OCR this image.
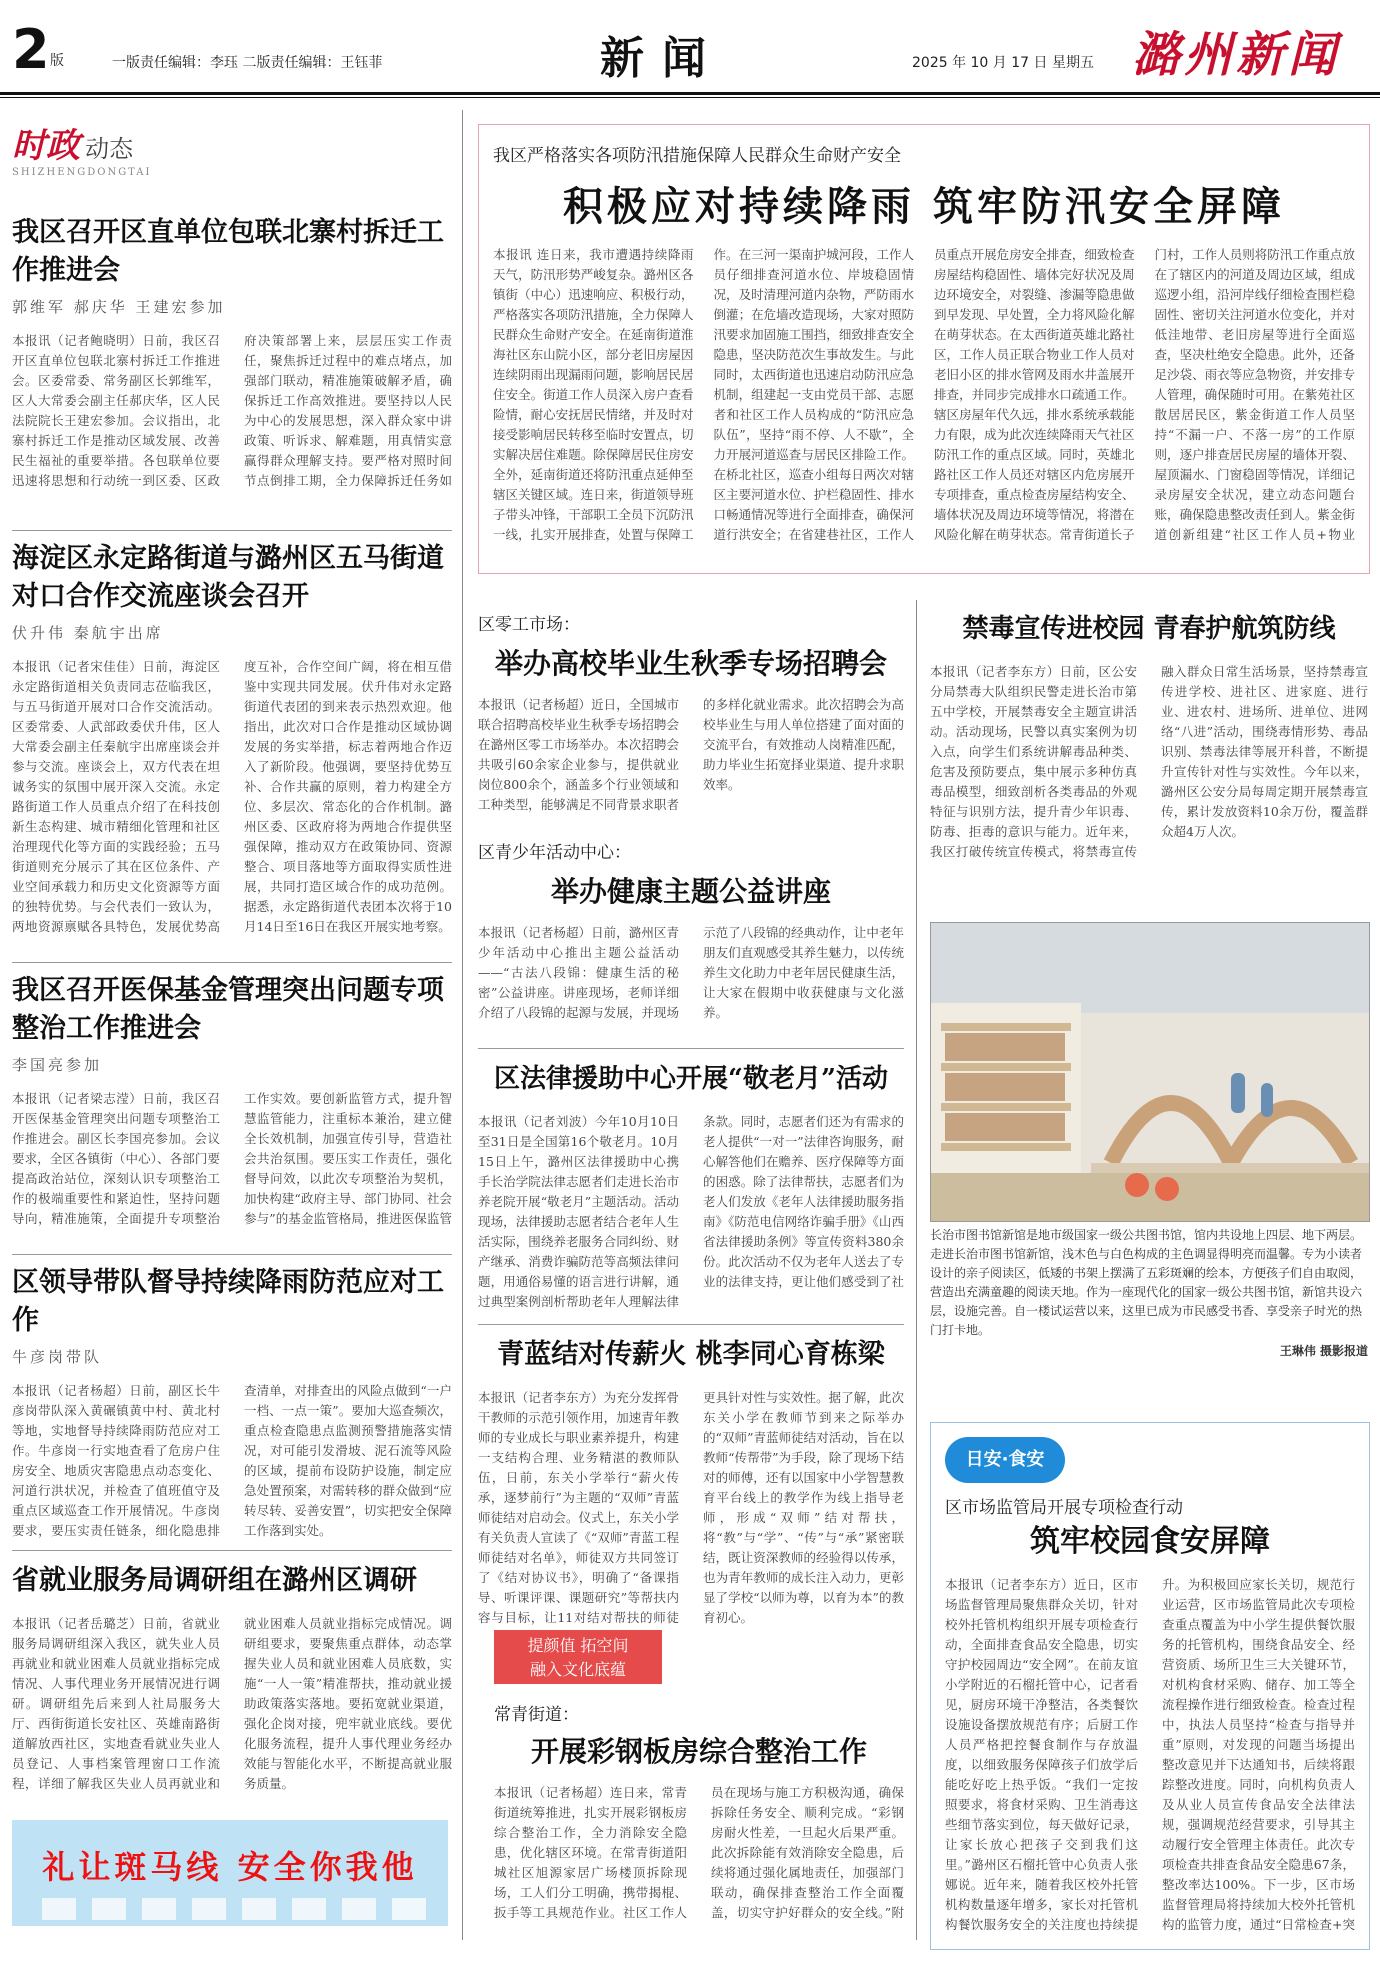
2 版	一版责任编辑：李珏 二版责任编辑：王钰菲	新闻	2025 年 10 月 17 日 星期五 潞州新闻
时政 动态
SHIZHENGDONGTAI
我区召开区直单位包联北寨村拆迁工作推进会
郭维军 郝庆华 王建宏参加
本报讯（记者鲍晓明）日前，我区召开区直单位包联北寨村拆迁工作推进会。区委常委、常务副区长郭维军，区人大常委会副主任郝庆华，区人民法院院长王建宏参加。会议指出，北寨村拆迁工作是推动区域发展、改善民生福祉的重要举措。各包联单位要迅速将思想和行动统一到区委、区政府决策部署上来，层层压实工作责任，聚焦拆迁过程中的难点堵点，加强部门联动，精准施策破解矛盾，确保拆迁工作高效推进。要坚持以人民为中心的发展思想，深入群众家中讲政策、听诉求、解难题，用真情实意赢得群众理解支持。要严格对照时间节点倒排工期，全力保障拆迁任务如
海淀区永定路街道与潞州区五马街道对口合作交流座谈会召开
伏升伟 秦航宇出席
本报讯（记者宋佳佳）日前，海淀区永定路街道相关负责同志莅临我区，与五马街道开展对口合作交流活动。区委常委、人武部政委伏升伟，区人大常委会副主任秦航宇出席座谈会并参与交流。座谈会上，双方代表在坦诚务实的氛围中展开深入交流。永定路街道工作人员重点介绍了在科技创新生态构建、城市精细化管理和社区治理现代化等方面的实践经验；五马街道则充分展示了其在区位条件、产业空间承载力和历史文化资源等方面的独特优势。与会代表们一致认为，两地资源禀赋各具特色，发展优势高度互补，合作空间广阔，将在相互借鉴中实现共同发展。伏升伟对永定路街道代表团的到来表示热烈欢迎。他指出，此次对口合作是推动区域协调发展的务实举措，标志着两地合作迈入了新阶段。他强调，要坚持优势互补、合作共赢的原则，着力构建全方位、多层次、常态化的合作机制。潞州区委、区政府将为两地合作提供坚强保障，推动双方在政策协同、资源整合、项目落地等方面取得实质性进展，共同打造区域合作的成功范例。据悉，永定路街道代表团本次将于10月14日至16日在我区开展实地考察。
我区召开医保基金管理突出问题专项整治工作推进会
李国亮参加
本报讯（记者梁志滢）日前，我区召开医保基金管理突出问题专项整治工作推进会。副区长李国亮参加。会议要求，全区各镇街（中心）、各部门要提高政治站位，深刻认识专项整治工作的极端重要性和紧迫性，坚持问题导向，精准施策，全面提升专项整治工作实效。要创新监管方式，提升智慧监管能力，注重标本兼治，建立健全长效机制，加强宣传引导，营造社会共治氛围。要压实工作责任，强化督导问效，以此次专项整治为契机，加快构建“政府主导、部门协同、社会参与”的基金监管格局，推进医保监管
区领导带队督导持续降雨防范应对工作
牛彦岗带队
本报讯（记者杨超）日前，副区长牛彦岗带队深入黄碾镇黄中村、黄北村等地，实地督导持续降雨防范应对工作。牛彦岗一行实地查看了危房户住房安全、地质灾害隐患点动态变化、河道行洪状况，并检查了值班值守及重点区域巡查工作开展情况。牛彦岗要求，要压实责任链条，细化隐患排查清单，对排查出的风险点做到“一户一档、一点一策”。要加大巡查频次，重点检查隐患点监测预警措施落实情况，对可能引发滑坡、泥石流等风险的区域，提前布设防护设施，制定应急处置预案，对需转移的群众做到“应转尽转、妥善安置”，切实把安全保障工作落到实处。
省就业服务局调研组在潞州区调研
本报讯（记者岳璐芝）日前，省就业服务局调研组深入我区，就失业人员再就业和就业困难人员就业指标完成情况、人事代理业务开展情况进行调研。调研组先后来到人社局服务大厅、西街街道长安社区、英雄南路街道解放西社区，实地查看就业失业人员登记、人事档案管理窗口工作流程，详细了解我区失业人员再就业和就业困难人员就业指标完成情况。调研组要求，要聚焦重点群体，动态掌握失业人员和就业困难人员底数，实施“一人一策”精准帮扶，推动就业援助政策落实落地。要拓宽就业渠道，强化企岗对接，兜牢就业底线。要优化服务流程，提升人事代理业务经办效能与智能化水平，不断提高就业服务质量。
礼让斑马线 安全你我他
我区严格落实各项防汛措施保障人民群众生命财产安全
积极应对持续降雨 筑牢防汛安全屏障
本报讯 连日来，我市遭遇持续降雨天气，防汛形势严峻复杂。潞州区各镇街（中心）迅速响应、积极行动，严格落实各项防汛措施，全力保障人民群众生命财产安全。在延南街道淮海社区东山院小区，部分老旧房屋因连续阴雨出现漏雨问题，影响居民居住安全。街道工作人员深入房户查看险情，耐心安抚居民情绪，并及时对接受影响居民转移至临时安置点，切实解决居住难题。除保障居民住房安全外，延南街道还将防汛重点延伸至辖区关键区域。连日来，街道领导班子带头冲锋，干部职工全员下沉防汛一线，扎实开展排查，处置与保障工作。在三河一渠南护城河段，工作人员仔细排查河道水位、岸坡稳固情况，及时清理河道内杂物，严防雨水倒灌；在危墙改造现场，大家对照防汛要求加固施工围挡，细致排查安全隐患，坚决防范次生事故发生。与此同时，太西街道也迅速启动防汛应急机制，组建起一支由党员干部、志愿者和社区工作人员构成的“防汛应急队伍”，坚持“雨不停、人不歇”，全力开展河道巡查与居民区排险工作。在桥北社区，巡查小组每日两次对辖区主要河道水位、护栏稳固性、排水口畅通情况等进行全面排查，确保河道行洪安全；在省建巷社区，工作人员重点开展危房安全排查，细致检查房屋结构稳固性、墙体完好状况及周边环境安全，对裂缝、渗漏等隐患做到早发现、早处置，全力将风险化解在萌芽状态。在太西街道英雄北路社区，工作人员正联合物业工作人员对老旧小区的排水管网及雨水井盖展开排查，并同步完成排水口疏通工作。辖区房屋年代久远，排水系统承载能力有限，成为此次连续降雨天气社区防汛工作的重点区域。同时，英雄北路社区工作人员还对辖区内危房展开专项排查，重点检查房屋结构安全、墙体状况及周边环境等情况，将潜在风险化解在萌芽状态。常青街道长子门村，工作人员则将防汛工作重点放在了辖区内的河道及周边区域，组成巡逻小组，沿河岸线仔细检查围栏稳固性、密切关注河道水位变化，并对低洼地带、老旧房屋等进行全面巡查，坚决杜绝安全隐患。此外，还备足沙袋、雨衣等应急物资，并安排专人管理，确保随时可用。在紫苑社区散居居民区，紫金街道工作人员坚持“不漏一户、不落一房”的工作原则，逐户排查居民房屋的墙体开裂、屋顶漏水、门窗稳固等情况，详细记录房屋安全状况，建立动态问题台账，确保隐患整改责任到人。紫金街道创新组建“社区工作人员+物业
区零工市场：
举办高校毕业生秋季专场招聘会
本报讯（记者杨超）近日，全国城市联合招聘高校毕业生秋季专场招聘会在潞州区零工市场举办。本次招聘会共吸引60余家企业参与，提供就业岗位800余个，涵盖多个行业领域和工种类型，能够满足不同背景求职者的多样化就业需求。此次招聘会为高校毕业生与用人单位搭建了面对面的交流平台，有效推动人岗精准匹配，助力毕业生拓宽择业渠道、提升求职效率。
区青少年活动中心：
举办健康主题公益讲座
本报讯（记者杨超）日前，潞州区青少年活动中心推出主题公益活动——“古法八段锦：健康生活的秘密”公益讲座。讲座现场，老师详细介绍了八段锦的起源与发展，并现场示范了八段锦的经典动作，让中老年朋友们直观感受其养生魅力，以传统养生文化助力中老年居民健康生活，让大家在假期中收获健康与文化滋养。
区法律援助中心开展“敬老月”活动
本报讯（记者刘波）今年10月10日至31日是全国第16个敬老月。10月15日上午，潞州区法律援助中心携手长治学院法律志愿者们走进长治市养老院开展“敬老月”主题活动。活动现场，法律援助志愿者结合老年人生活实际，围绕养老服务合同纠纷、财产继承、消费诈骗防范等高频法律问题，用通俗易懂的语言进行讲解，通过典型案例剖析帮助老年人理解法律条款。同时，志愿者们还为有需求的老人提供“一对一”法律咨询服务，耐心解答他们在赡养、医疗保障等方面的困惑。除了法律帮扶，志愿者们为老人们发放《老年人法律援助服务指南》《防范电信网络诈骗手册》《山西省法律援助条例》等宣传资料380余份。此次活动不仅为老年人送去了专业的法律支持，更让他们感受到了社
青蓝结对传薪火 桃李同心育栋梁
本报讯（记者李东方）为充分发挥骨干教师的示范引领作用，加速青年教师的专业成长与职业素养提升，构建一支结构合理、业务精湛的教师队伍，日前，东关小学举行“薪火传承，逐梦前行”为主题的“双师”青蓝师徒结对启动会。仪式上，东关小学有关负责人宣读了《“双师”青蓝工程师徒结对名单》，师徒双方共同签订了《结对协议书》，明确了“备课指导、听课评课、课题研究”等帮扶内容与目标，让11对结对帮扶的师徒更具针对性与实效性。据了解，此次东关小学在教师节到来之际举办的“双师”青蓝师徒结对活动，旨在以教师“传帮带”为手段，除了现场下结对的师傅，还有以国家中小学智慧教育平台线上的教学作为线上指导老师，形成“双师”结对帮扶，将“教”与“学”、“传”与“承”紧密联结，既让资深教师的经验得以传承，也为青年教师的成长注入动力，更彰显了学校“以师为尊，以育为本”的教育初心。
提颜值 拓空间
融入文化底蕴
常青街道：
开展彩钢板房综合整治工作
本报讯（记者杨超）连日来，常青街道统筹推进，扎实开展彩钢板房综合整治工作，全力消除安全隐患，优化辖区环境。在常青街道阳城社区旭源家居广场楼顶拆除现场，工人们分工明确，携带揭棍、扳手等工具规范作业。社区工作人员在现场与施工方积极沟通，确保拆除任务安全、顺利完成。“彩钢房耐火性差，一旦起火后果严重。此次拆除能有效消除安全隐患，后续将通过强化属地责任，加强部门联动，确保排查整治工作全面覆盖，切实守护好群众的安全线。”附
禁毒宣传进校园 青春护航筑防线
本报讯（记者李东方）日前，区公安分局禁毒大队组织民警走进长治市第五中学校，开展禁毒安全主题宣讲活动。活动现场，民警以真实案例为切入点，向学生们系统讲解毒品种类、危害及预防要点，集中展示多种仿真毒品模型，细致剖析各类毒品的外观特征与识别方法，提升青少年识毒、防毒、拒毒的意识与能力。近年来，我区打破传统宣传模式，将禁毒宣传融入群众日常生活场景，坚持禁毒宣传进学校、进社区、进家庭、进行业、进农村、进场所、进单位、进网络“八进”活动，围绕毒情形势、毒品识别、禁毒法律等展开科普，不断提升宣传针对性与实效性。今年以来，潞州区公安分局每周定期开展禁毒宣传，累计发放资料10余万份，覆盖群众超4万人次。
长治市图书馆新馆是地市级国家一级公共图书馆，馆内共设地上四层、地下两层。走进长治市图书馆新馆，浅木色与白色构成的主色调显得明亮而温馨。专为小读者设计的亲子阅读区，低矮的书架上摆满了五彩斑斓的绘本，方便孩子们自由取阅，营造出充满童趣的阅读天地。作为一座现代化的国家一级公共图书馆，新馆共设六层，设施完善。自一楼试运营以来，这里已成为市民感受书香、享受亲子时光的热门打卡地。
王琳伟 摄影报道
日安·食安
区市场监管局开展专项检查行动
筑牢校园食安屏障
本报讯（记者李东方）近日，区市场监督管理局聚焦群众关切，针对校外托管机构组织开展专项检查行动，全面排查食品安全隐患，切实守护校园周边“安全网”。在前友谊小学附近的石榴托管中心，记者看见，厨房环境干净整洁，各类餐饮设施设备摆放规范有序；后厨工作人员严格把控餐食制作与存放温度，以细致服务保障孩子们放学后能吃好吃上热乎饭。“我们一定按照要求，将食材采购、卫生消毒这些细节落实到位，每天做好记录，让家长放心把孩子交到我们这里。”潞州区石榴托管中心负责人张娜说。近年来，随着我区校外托管机构数量逐年增多，家长对托管机构餐饮服务安全的关注度也持续提升。为积极回应家长关切，规范行业运营，区市场监管局此次专项检查重点覆盖为中小学生提供餐饮服务的托管机构，围绕食品安全、经营资质、场所卫生三大关键环节，对机构食材采购、储存、加工等全流程操作进行细致检查。检查过程中，执法人员坚持“检查与指导并重”原则，对发现的问题当场提出整改意见并下达通知书，后续将跟踪整改进度。同时，向机构负责人及从业人员宣传食品安全法律法规，强调规范经营要求，引导其主动履行安全管理主体责任。此次专项检查共排查食品安全隐患67条，整改率达100%。下一步，区市场监督管理局将持续加大校外托管机构的监管力度，通过“日常检查+突
